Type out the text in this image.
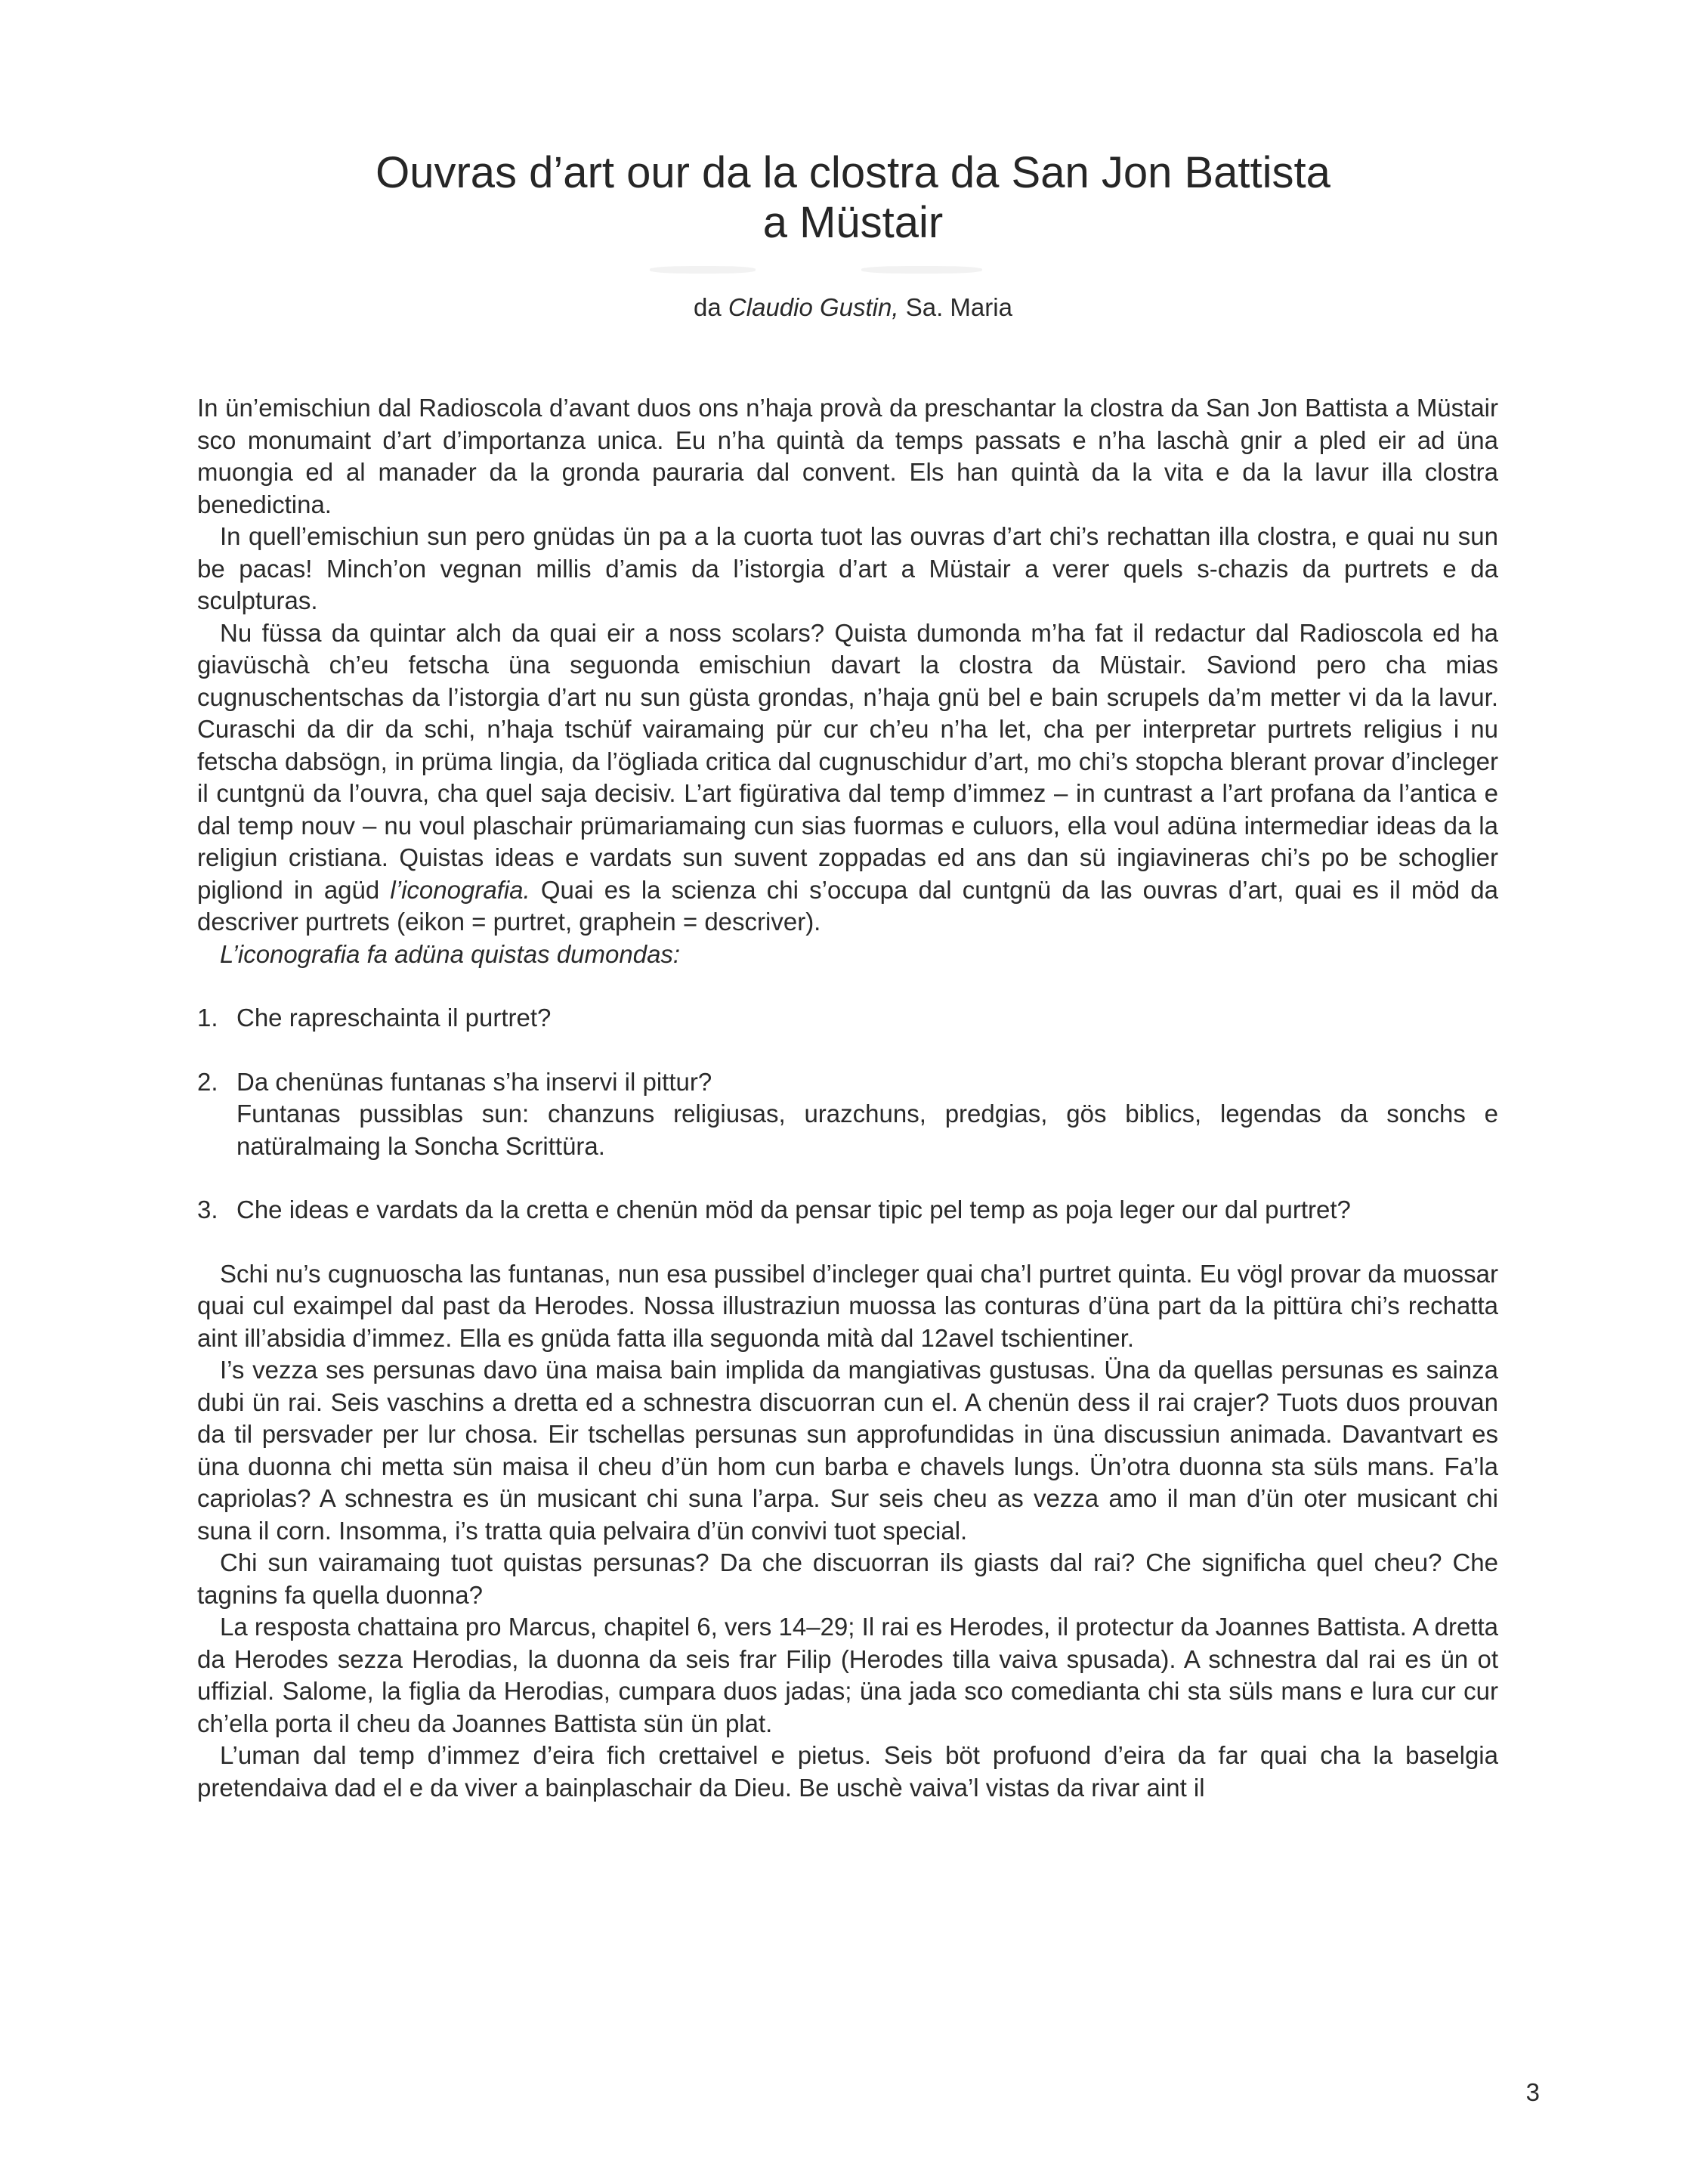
Ouvras d’art our da la clostra da San Jon Battista
a Müstair
da Claudio Gustin, Sa. Maria

In ün’emischiun dal Radioscola d’avant duos ons n’haja provà da preschantar la clostra da San Jon Battista a Müstair sco monumaint d’art d’importanza unica. Eu n’ha quintà da temps passats e n’ha laschà gnir a pled eir ad üna muongia ed al manader da la gronda pauraria dal convent. Els han quintà da la vita e da la lavur illa clostra benedictina.

In quell’emischiun sun pero gnüdas ün pa a la cuorta tuot las ouvras d’art chi’s rechattan illa clostra, e quai nu sun be pacas! Minch’on vegnan millis d’amis da l’istorgia d’art a Müstair a verer quels s-chazis da purtrets e da sculpturas.

Nu füssa da quintar alch da quai eir a noss scolars? Quista dumonda m’ha fat il redactur dal Radioscola ed ha giavüschà ch’eu fetscha üna seguonda emischiun davart la clostra da Müstair. Saviond pero cha mias cugnuschentschas da l’istorgia d’art nu sun güsta grondas, n’haja gnü bel e bain scrupels da’m metter vi da la lavur. Curaschi da dir da schi, n’haja tschüf vairamaing pür cur ch’eu n’ha let, cha per interpretar purtrets religius i nu fetscha dabsögn, in prüma lingia, da l’ögliada critica dal cugnuschidur d’art, mo chi’s stopcha blerant provar d’incleger il cuntgnü da l’ouvra, cha quel saja decisiv. L’art figürativa dal temp d’immez – in cuntrast a l’art profana da l’antica e dal temp nouv – nu voul plaschair prümariamaing cun sias fuormas e culuors, ella voul adüna intermediar ideas da la religiun cristiana. Quistas ideas e vardats sun suvent zoppadas ed ans dan sü ingiavineras chi’s po be schoglier pigliond in agüd l’iconografia. Quai es la scienza chi s’occupa dal cuntgnü da las ouvras d’art, quai es il möd da descriver purtrets (eikon = purtret, graphein = descriver).

L’iconografia fa adüna quistas dumondas:

1. Che rapreschainta il purtret?
2. Da chenünas funtanas s’ha inservi il pittur?
Funtanas pussiblas sun: chanzuns religiusas, urazchuns, predgias, gös biblics, legendas da sonchs e natüralmaing la Soncha Scrittüra.
3. Che ideas e vardats da la cretta e chenün möd da pensar tipic pel temp as poja leger our dal purtret?

Schi nu’s cugnuoscha las funtanas, nun esa pussibel d’incleger quai cha’l purtret quinta. Eu vögl provar da muossar quai cul exaimpel dal past da Herodes. Nossa illustraziun muossa las conturas d’üna part da la pittüra chi’s rechatta aint ill’absidia d’immez. Ella es gnüda fatta illa seguonda mità dal 12avel tschientiner.

I’s vezza ses persunas davo üna maisa bain implida da mangiativas gustusas. Üna da quellas persunas es sainza dubi ün rai. Seis vaschins a dretta ed a schnestra discuorran cun el. A chenün dess il rai crajer? Tuots duos prouvan da til persvader per lur chosa. Eir tschellas persunas sun approfundidas in üna discussiun animada. Davantvart es üna duonna chi metta sün maisa il cheu d’ün hom cun barba e chavels lungs. Ün’otra duonna sta süls mans. Fa’la capriolas? A schnestra es ün musicant chi suna l’arpa. Sur seis cheu as vezza amo il man d’ün oter musicant chi suna il corn. Insomma, i’s tratta quia pelvaira d’ün convivi tuot special.

Chi sun vairamaing tuot quistas persunas? Da che discuorran ils giasts dal rai? Che significha quel cheu? Che tagnins fa quella duonna?

La resposta chattaina pro Marcus, chapitel 6, vers 14–29; Il rai es Herodes, il protectur da Joannes Battista. A dretta da Herodes sezza Herodias, la duonna da seis frar Filip (Herodes tilla vaiva spusada). A schnestra dal rai es ün ot uffizial. Salome, la figlia da Herodias, cumpara duos jadas; üna jada sco comedianta chi sta süls mans e lura cur cur ch’ella porta il cheu da Joannes Battista sün ün plat.

L’uman dal temp d’immez d’eira fich crettaivel e pietus. Seis böt profuond d’eira da far quai cha la baselgia pretendaiva dad el e da viver a bainplaschair da Dieu. Be uschè vaiva’l vistas da rivar aint il

3
